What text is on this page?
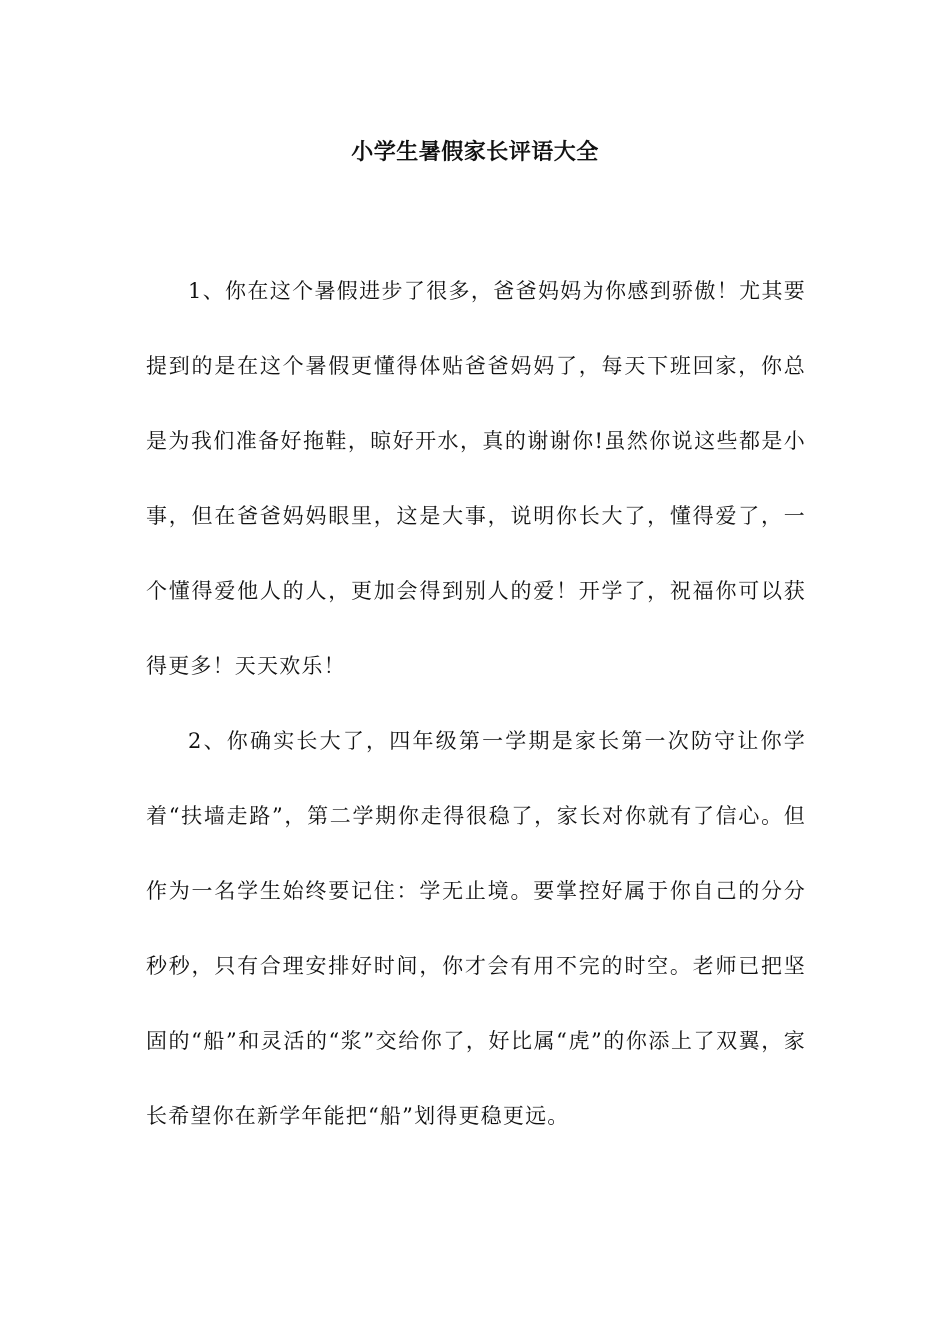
小学生暑假家长评语大全

1、你在这个暑假进步了很多，爸爸妈妈为你感到骄傲！尤其要提到的是在这个暑假更懂得体贴爸爸妈妈了，每天下班回家，你总是为我们准备好拖鞋，晾好开水，真的谢谢你!虽然你说这些都是小事，但在爸爸妈妈眼里，这是大事，说明你长大了，懂得爱了，一个懂得爱他人的人，更加会得到别人的爱！开学了，祝福你可以获得更多！天天欢乐！

2、你确实长大了，四年级第一学期是家长第一次防守让你学着“扶墙走路”，第二学期你走得很稳了，家长对你就有了信心。但作为一名学生始终要记住：学无止境。要掌控好属于你自己的分分秒秒，只有合理安排好时间，你才会有用不完的时空。老师已把坚固的“船”和灵活的“浆”交给你了，好比属“虎”的你添上了双翼，家长希望你在新学年能把“船”划得更稳更远。
